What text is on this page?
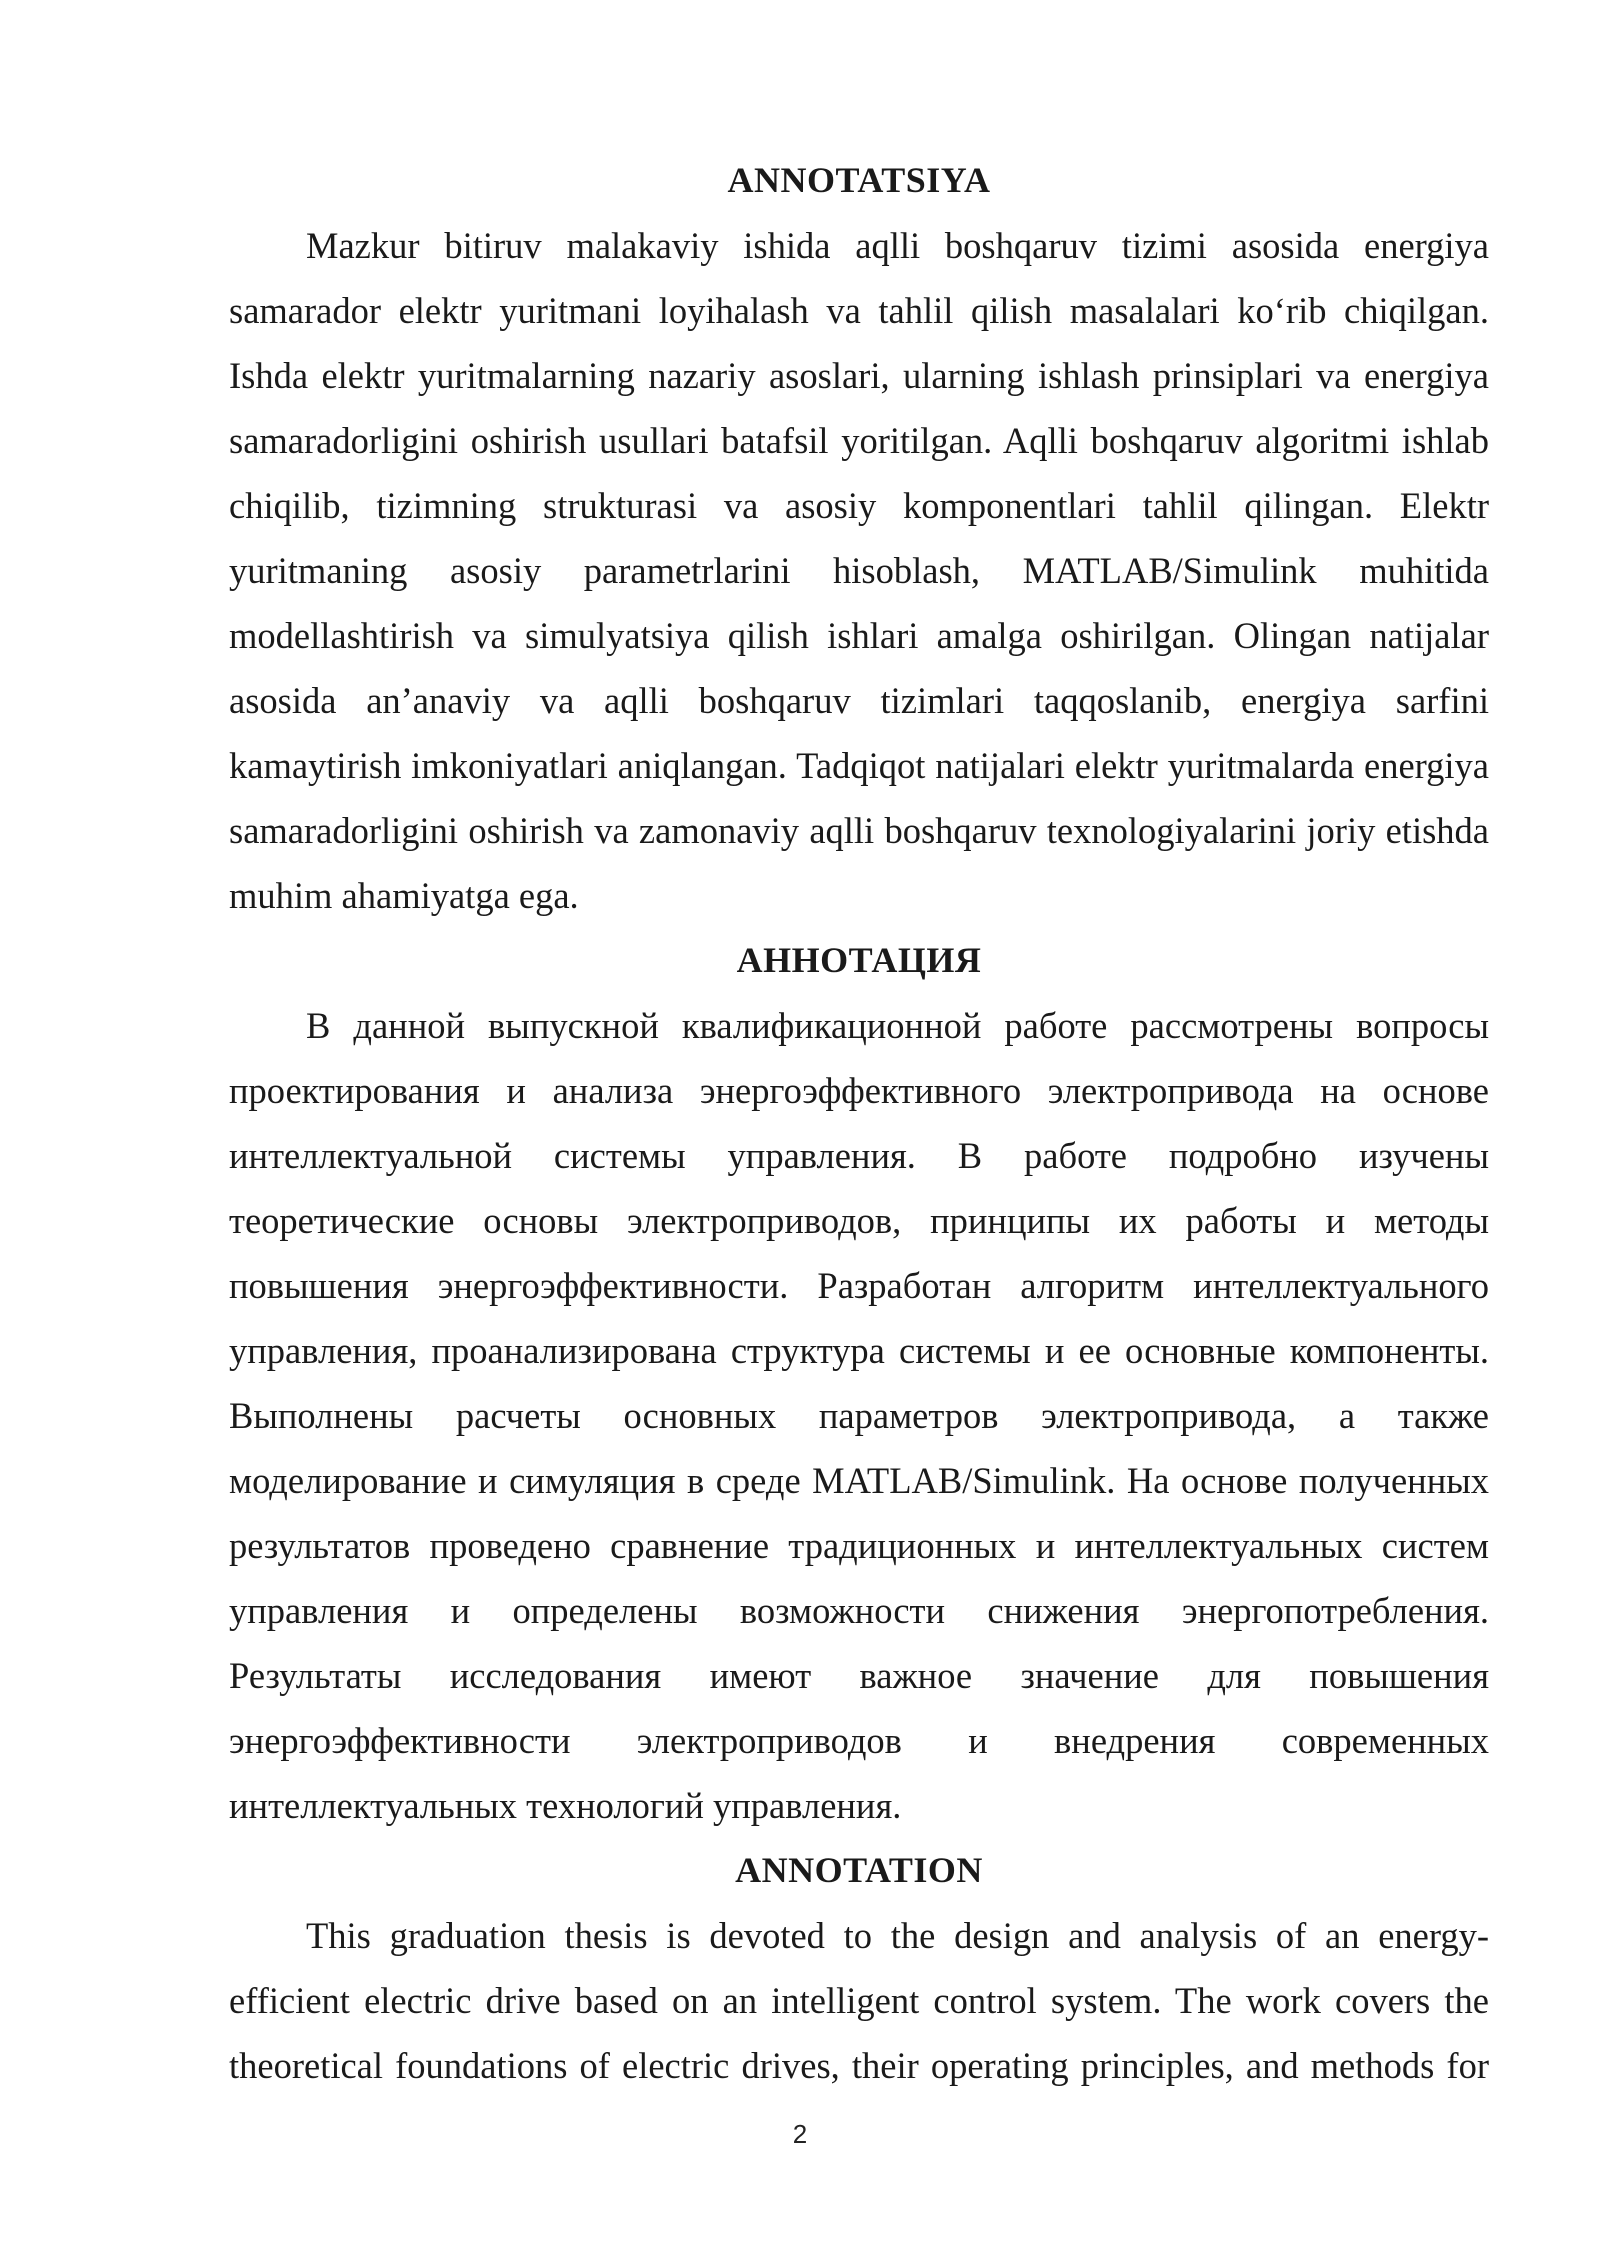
ANNOTATSIYA

Mazkur bitiruv malakaviy ishida aqlli boshqaruv tizimi asosida energiya samarador elektr yuritmani loyihalash va tahlil qilish masalalari koʻrib chiqilgan. Ishda elektr yuritmalarning nazariy asoslari, ularning ishlash prinsiplari va energiya samaradorligini oshirish usullari batafsil yoritilgan. Aqlli boshqaruv algoritmi ishlab chiqilib, tizimning strukturasi va asosiy komponentlari tahlil qilingan. Elektr yuritmaning asosiy parametrlarini hisoblash, MATLAB/Simulink muhitida modellashtirish va simulyatsiya qilish ishlari amalga oshirilgan. Olingan natijalar asosida an’anaviy va aqlli boshqaruv tizimlari taqqoslanib, energiya sarfini kamaytirish imkoniyatlari aniqlangan. Tadqiqot natijalari elektr yuritmalarda energiya samaradorligini oshirish va zamonaviy aqlli boshqaruv texnologiyalarini joriy etishda muhim ahamiyatga ega.

АННОТАЦИЯ

В данной выпускной квалификационной работе рассмотрены вопросы проектирования и анализа энергоэффективного электропривода на основе интеллектуальной системы управления. В работе подробно изучены теоретические основы электроприводов, принципы их работы и методы повышения энергоэффективности. Разработан алгоритм интеллектуального управления, проанализирована структура системы и ее основные компоненты. Выполнены расчеты основных параметров электропривода, а также моделирование и симуляция в среде MATLAB/Simulink. На основе полученных результатов проведено сравнение традиционных и интеллектуальных систем управления и определены возможности снижения энергопотребления. Результаты исследования имеют важное значение для повышения энергоэффективности электроприводов и внедрения современных интеллектуальных технологий управления.

ANNOTATION

This graduation thesis is devoted to the design and analysis of an energy-efficient electric drive based on an intelligent control system. The work covers the theoretical foundations of electric drives, their operating principles, and methods for

2
